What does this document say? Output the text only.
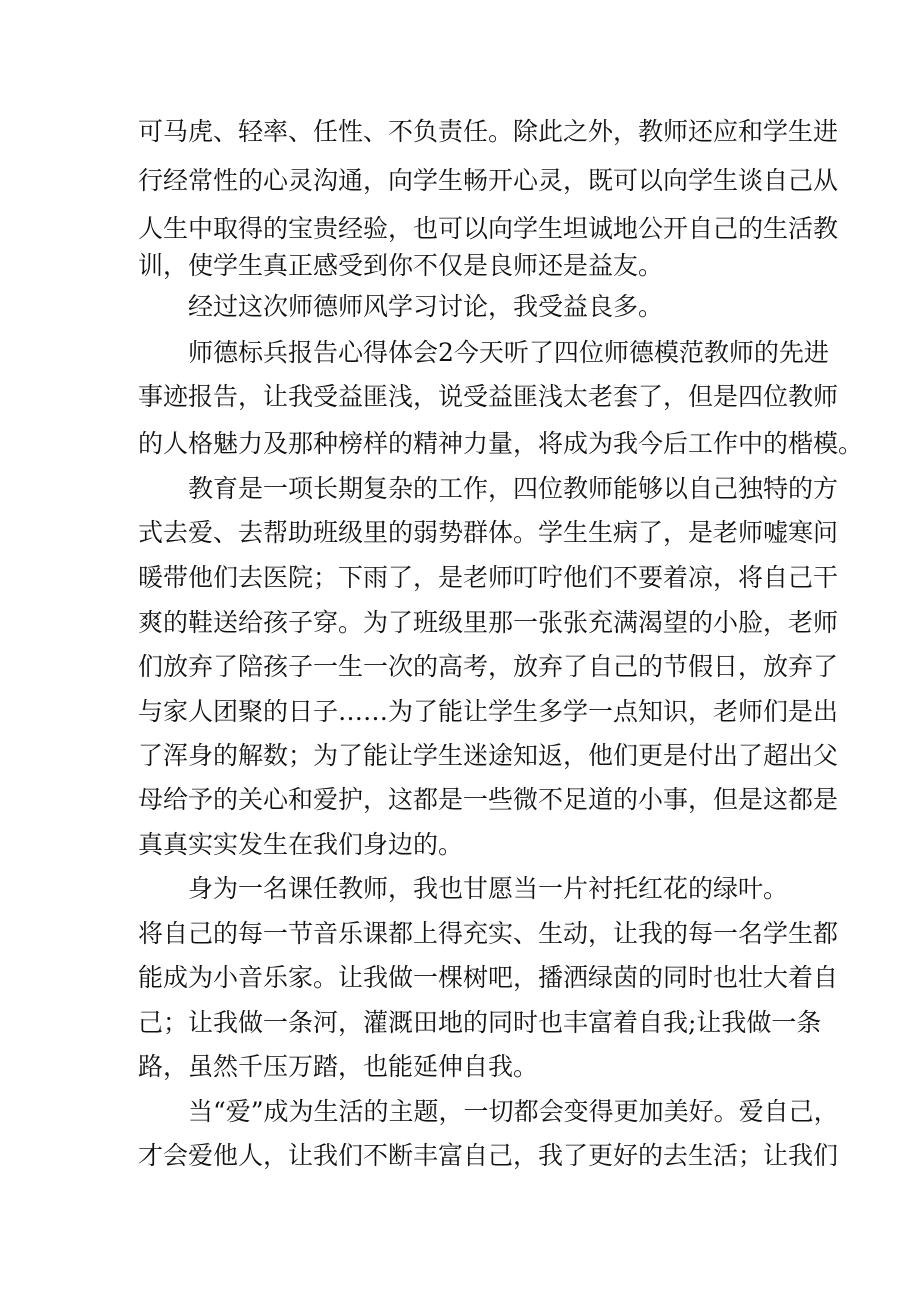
可马虎、轻率、任性、不负责任。除此之外，教师还应和学生进
行经常性的心灵沟通，向学生畅开心灵，既可以向学生谈自己从
人生中取得的宝贵经验，也可以向学生坦诚地公开自己的生活教
训，使学生真正感受到你不仅是良师还是益友。
经过这次师德师风学习讨论，我受益良多。
师德标兵报告心得体会2今天听了四位师德模范教师的先进
事迹报告，让我受益匪浅，说受益匪浅太老套了，但是四位教师
的人格魅力及那种榜样的精神力量，将成为我今后工作中的楷模。
教育是一项长期复杂的工作，四位教师能够以自己独特的方
式去爱、去帮助班级里的弱势群体。学生生病了，是老师嘘寒问
暖带他们去医院；下雨了，是老师叮咛他们不要着凉，将自己干
爽的鞋送给孩子穿。为了班级里那一张张充满渴望的小脸，老师
们放弃了陪孩子一生一次的高考，放弃了自己的节假日，放弃了
与家人团聚的日子……为了能让学生多学一点知识，老师们是出
了浑身的解数；为了能让学生迷途知返，他们更是付出了超出父
母给予的关心和爱护，这都是一些微不足道的小事，但是这都是
真真实实发生在我们身边的。
身为一名课任教师，我也甘愿当一片衬托红花的绿叶。
将自己的每一节音乐课都上得充实、生动，让我的每一名学生都
能成为小音乐家。让我做一棵树吧，播洒绿茵的同时也壮大着自
己；让我做一条河，灌溉田地的同时也丰富着自我;让我做一条
路，虽然千压万踏，也能延伸自我。
当“爱”成为生活的主题，一切都会变得更加美好。爱自己，
才会爱他人，让我们不断丰富自己，我了更好的去生活；让我们
